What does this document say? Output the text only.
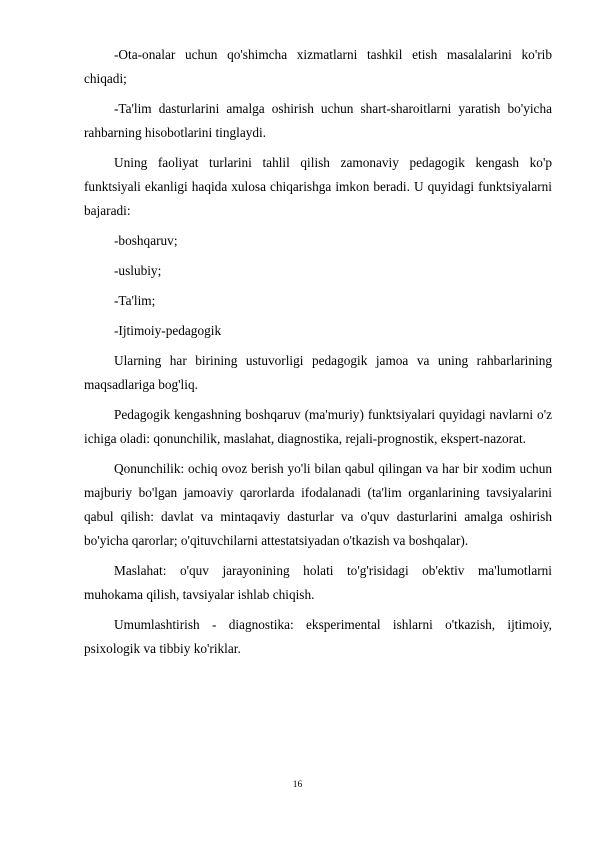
-Ota-onalar uchun qo'shimcha xizmatlarni tashkil etish masalalarini ko'rib chiqadi;

-Ta'lim dasturlarini amalga oshirish uchun shart-sharoitlarni yaratish bo'yicha rahbarning hisobotlarini tinglaydi.

Uning faoliyat turlarini tahlil qilish zamonaviy pedagogik kengash ko'p funktsiyali ekanligi haqida xulosa chiqarishga imkon beradi. U quyidagi funktsiyalarni bajaradi:

-boshqaruv;

-uslubiy;

-Ta'lim;

-Ijtimoiy-pedagogik

Ularning har birining ustuvorligi pedagogik jamoa va uning rahbarlarining maqsadlariga bog'liq.

Pedagogik kengashning boshqaruv (ma'muriy) funktsiyalari quyidagi navlarni o'z ichiga oladi: qonunchilik, maslahat, diagnostika, rejali-prognostik, ekspert-nazorat.

Qonunchilik: ochiq ovoz berish yo'li bilan qabul qilingan va har bir xodim uchun majburiy bo'lgan jamoaviy qarorlarda ifodalanadi (ta'lim organlarining tavsiyalarini qabul qilish: davlat va mintaqaviy dasturlar va o'quv dasturlarini amalga oshirish bo'yicha qarorlar; o'qituvchilarni attestatsiyadan o'tkazish va boshqalar).

Maslahat: o'quv jarayonining holati to'g'risidagi ob'ektiv ma'lumotlarni muhokama qilish, tavsiyalar ishlab chiqish.

Umumlashtirish - diagnostika: eksperimental ishlarni o'tkazish, ijtimoiy, psixologik va tibbiy ko'riklar.

16
